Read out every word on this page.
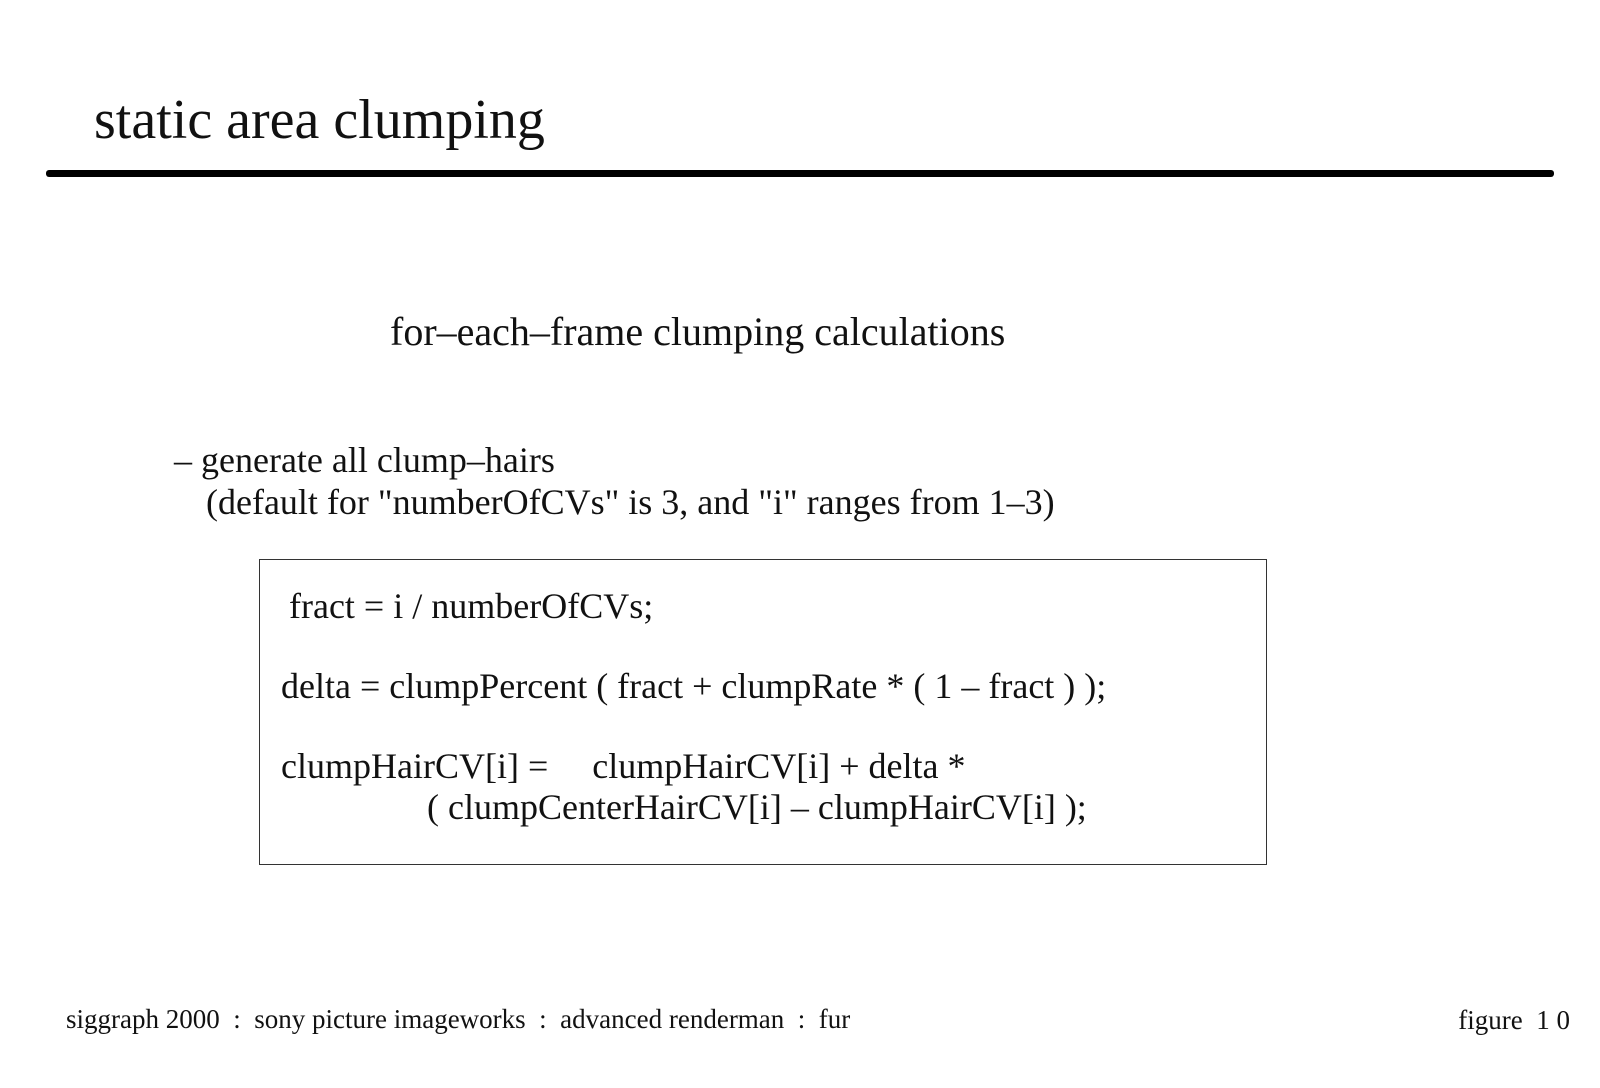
static area clumping
for–each–frame clumping calculations
– generate all clump–hairs
(default for "numberOfCVs" is 3, and "i" ranges from 1–3)
fract = i / numberOfCVs;
delta = clumpPercent ( fract + clumpRate * ( 1 – fract ) );
clumpHairCV[i] = clumpHairCV[i] + delta *
( clumpCenterHairCV[i] – clumpHairCV[i] );
siggraph 2000  :  sony picture imageworks  :  advanced renderman  :  fur	figure  1 0
